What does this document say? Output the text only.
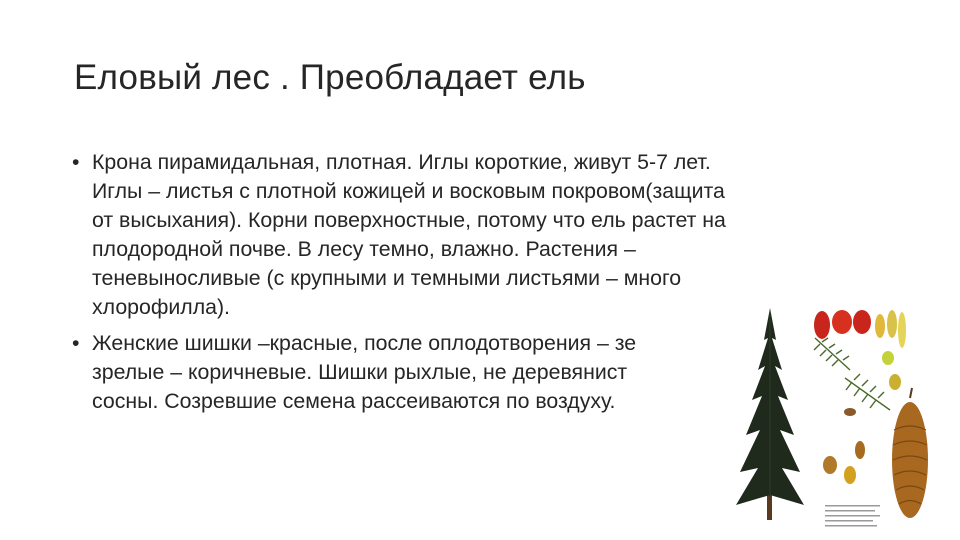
Еловый лес . Преобладает ель
• Крона пирамидальная, плотная. Иглы короткие, живут 5-7 лет.
Иглы – листья с плотной кожицей и восковым покровом(защита
от высыхания). Корни поверхностные, потому что ель растет на
плодородной почве. В лесу темно, влажно. Растения –
теневыносливые (с крупными и темными листьями – много
хлорофилла).
• Женские шишки –красные, после оплодотворения – зе
зрелые – коричневые. Шишки рыхлые, не деревянист
сосны. Созревшие семена рассеиваются по воздуху.
